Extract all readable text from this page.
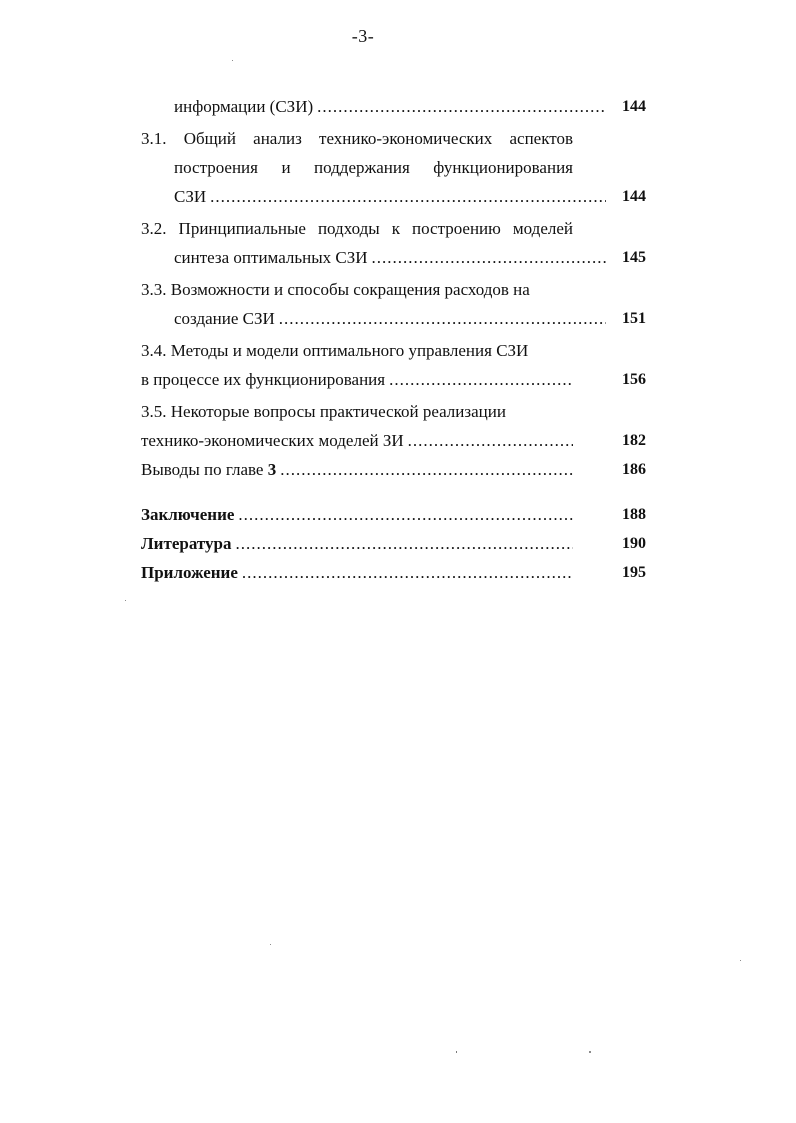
-3-
информации (СЗИ) .....	144
3.1. Общий анализ технико-экономических аспектов
построения и поддержания функционирования
СЗИ .....	144
3.2. Принципиальные подходы к построению моделей
синтеза оптимальных СЗИ .....	145
3.3. Возможности и способы сокращения расходов на
создание СЗИ .....	151
3.4. Методы и модели оптимального управления СЗИ
в процессе их функционирования .....	156
3.5. Некоторые вопросы практической реализации
технико-экономических моделей ЗИ .....	182
Выводы по главе 3 .....	186
Заключение .....	188
Литература .....	190
Приложение .....	195
